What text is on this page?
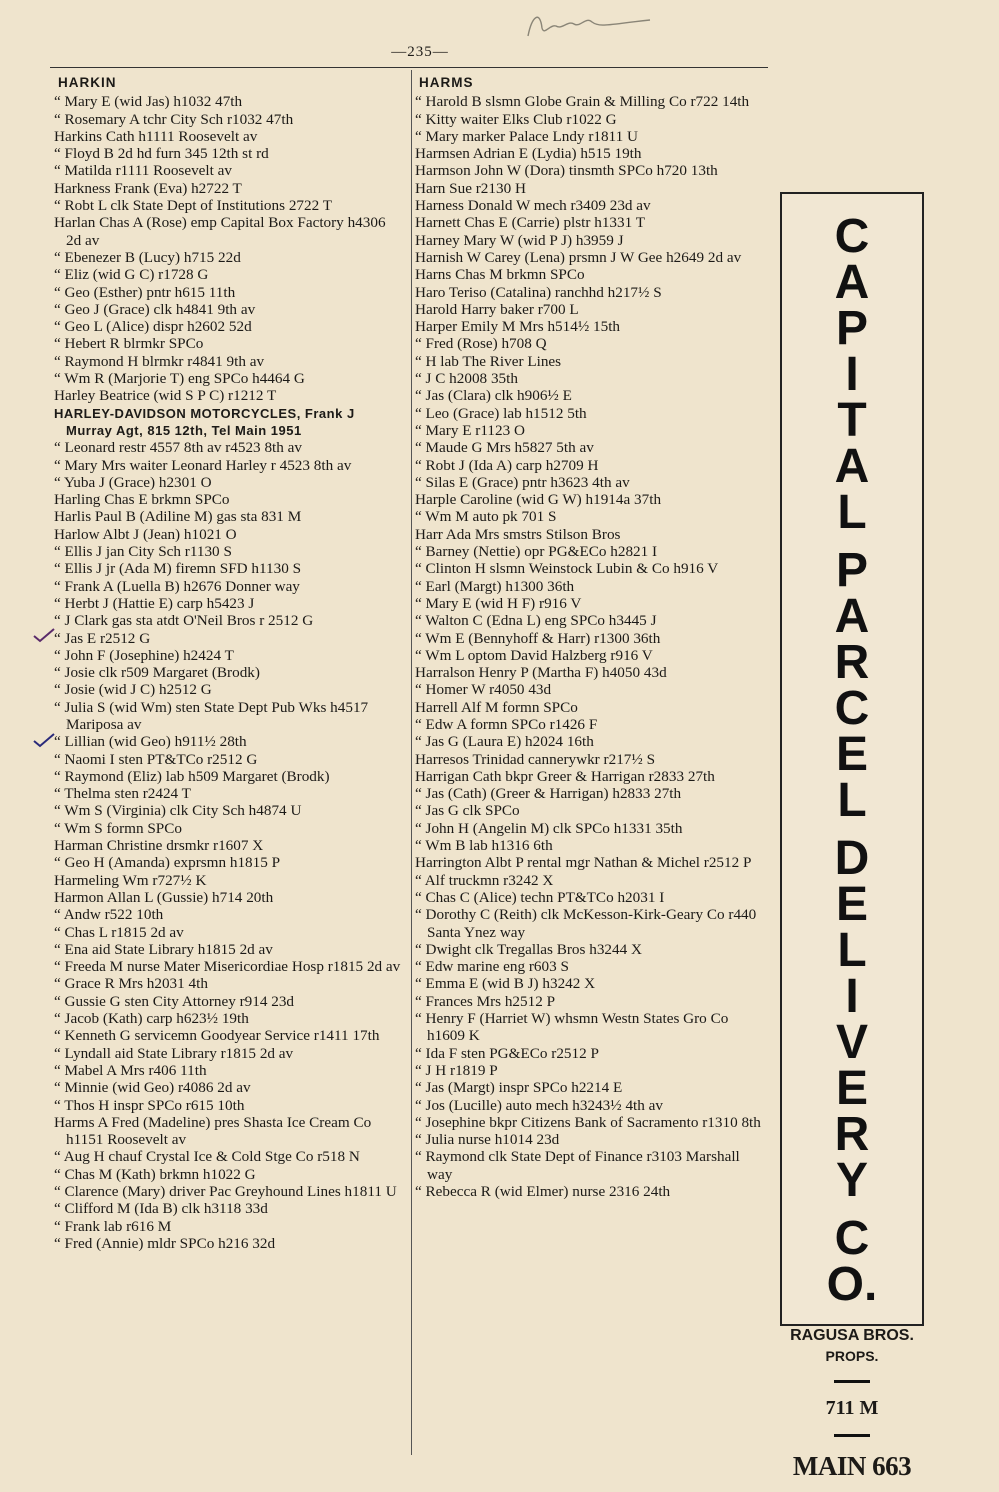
—235—
HARKIN
“ Mary E (wid Jas) h1032 47th
“ Rosemary A tchr City Sch r1032 47th
Harkins Cath h1111 Roosevelt av
“ Floyd B 2d hd furn 345 12th st rd
“ Matilda r1111 Roosevelt av
Harkness Frank (Eva) h2722 T
“ Robt L clk State Dept of Institutions 2722 T
Harlan Chas A (Rose) emp Capital Box Factory h4306 2d av
“ Ebenezer B (Lucy) h715 22d
“ Eliz (wid G C) r1728 G
“ Geo (Esther) pntr h615 11th
“ Geo J (Grace) clk h4841 9th av
“ Geo L (Alice) dispr h2602 52d
“ Hebert R blrmkr SPCo
“ Raymond H blrmkr r4841 9th av
“ Wm R (Marjorie T) eng SPCo h4464 G
Harley Beatrice (wid S P C) r1212 T
HARLEY-DAVIDSON MOTORCYCLES, Frank J Murray Agt, 815 12th, Tel Main 1951
“ Leonard restr 4557 8th av r4523 8th av
“ Mary Mrs waiter Leonard Harley r 4523 8th av
“ Yuba J (Grace) h2301 O
Harling Chas E brkmn SPCo
Harlis Paul B (Adiline M) gas sta 831 M
Harlow Albt J (Jean) h1021 O
“ Ellis J jan City Sch r1130 S
“ Ellis J jr (Ada M) firemn SFD h1130 S
“ Frank A (Luella B) h2676 Donner way
“ Herbt J (Hattie E) carp h5423 J
“ J Clark gas sta atdt O'Neil Bros r 2512 G
“ Jas E r2512 G
“ John F (Josephine) h2424 T
“ Josie clk r509 Margaret (Brodk)
“ Josie (wid J C) h2512 G
“ Julia S (wid Wm) sten State Dept Pub Wks h4517 Mariposa av
“ Lillian (wid Geo) h911½ 28th
“ Naomi I sten PT&TCo r2512 G
“ Raymond (Eliz) lab h509 Margaret (Brodk)
“ Thelma sten r2424 T
“ Wm S (Virginia) clk City Sch h4874 U
“ Wm S formn SPCo
Harman Christine drsmkr r1607 X
“ Geo H (Amanda) exprsmn h1815 P
Harmeling Wm r727½ K
Harmon Allan L (Gussie) h714 20th
“ Andw r522 10th
“ Chas L r1815 2d av
“ Ena aid State Library h1815 2d av
“ Freeda M nurse Mater Misericordiae Hosp r1815 2d av
“ Grace R Mrs h2031 4th
“ Gussie G sten City Attorney r914 23d
“ Jacob (Kath) carp h623½ 19th
“ Kenneth G servicemn Goodyear Service r1411 17th
“ Lyndall aid State Library r1815 2d av
“ Mabel A Mrs r406 11th
“ Minnie (wid Geo) r4086 2d av
“ Thos H inspr SPCo r615 10th
Harms A Fred (Madeline) pres Shasta Ice Cream Co h1151 Roosevelt av
“ Aug H chauf Crystal Ice & Cold Stge Co r518 N
“ Chas M (Kath) brkmn h1022 G
“ Clarence (Mary) driver Pac Greyhound Lines h1811 U
“ Clifford M (Ida B) clk h3118 33d
“ Frank lab r616 M
“ Fred (Annie) mldr SPCo h216 32d
HARMS
“ Harold B slsmn Globe Grain & Milling Co r722 14th
“ Kitty waiter Elks Club r1022 G
“ Mary marker Palace Lndy r1811 U
Harmsen Adrian E (Lydia) h515 19th
Harmson John W (Dora) tinsmth SPCo h720 13th
Harn Sue r2130 H
Harness Donald W mech r3409 23d av
Harnett Chas E (Carrie) plstr h1331 T
Harney Mary W (wid P J) h3959 J
Harnish W Carey (Lena) prsmn J W Gee h2649 2d av
Harns Chas M brkmn SPCo
Haro Teriso (Catalina) ranchhd h217½ S
Harold Harry baker r700 L
Harper Emily M Mrs h514½ 15th
“ Fred (Rose) h708 Q
“ H lab The River Lines
“ J C h2008 35th
“ Jas (Clara) clk h906½ E
“ Leo (Grace) lab h1512 5th
“ Mary E r1123 O
“ Maude G Mrs h5827 5th av
“ Robt J (Ida A) carp h2709 H
“ Silas E (Grace) pntr h3623 4th av
Harple Caroline (wid G W) h1914a 37th
“ Wm M auto pk 701 S
Harr Ada Mrs smstrs Stilson Bros
“ Barney (Nettie) opr PG&ECo h2821 I
“ Clinton H slsmn Weinstock Lubin & Co h916 V
“ Earl (Margt) h1300 36th
“ Mary E (wid H F) r916 V
“ Walton C (Edna L) eng SPCo h3445 J
“ Wm E (Bennyhoff & Harr) r1300 36th
“ Wm L optom David Halzberg r916 V
Harralson Henry P (Martha F) h4050 43d
“ Homer W r4050 43d
Harrell Alf M formn SPCo
“ Edw A formn SPCo r1426 F
“ Jas G (Laura E) h2024 16th
Harresos Trinidad cannerywkr r217½ S
Harrigan Cath bkpr Greer & Harrigan r2833 27th
“ Jas (Cath) (Greer & Harrigan) h2833 27th
“ Jas G clk SPCo
“ John H (Angelin M) clk SPCo h1331 35th
“ Wm B lab h1316 6th
Harrington Albt P rental mgr Nathan & Michel r2512 P
“ Alf truckmn r3242 X
“ Chas C (Alice) techn PT&TCo h2031 I
“ Dorothy C (Reith) clk McKesson-Kirk-Geary Co r440 Santa Ynez way
“ Dwight clk Tregallas Bros h3244 X
“ Edw marine eng r603 S
“ Emma E (wid B J) h3242 X
“ Frances Mrs h2512 P
“ Henry F (Harriet W) whsmn Westn States Gro Co h1609 K
“ Ida F sten PG&ECo r2512 P
“ J H r1819 P
“ Jas (Margt) inspr SPCo h2214 E
“ Jos (Lucille) auto mech h3243½ 4th av
“ Josephine bkpr Citizens Bank of Sacramento r1310 8th
“ Julia nurse h1014 23d
“ Raymond clk State Dept of Finance r3103 Marshall way
“ Rebecca R (wid Elmer) nurse 2316 24th
C
A
P
I
T
A
L
P
A
R
C
E
L
D
E
L
I
V
E
R
Y
C
O.
RAGUSA BROS.
PROPS.
711 M
MAIN 663
